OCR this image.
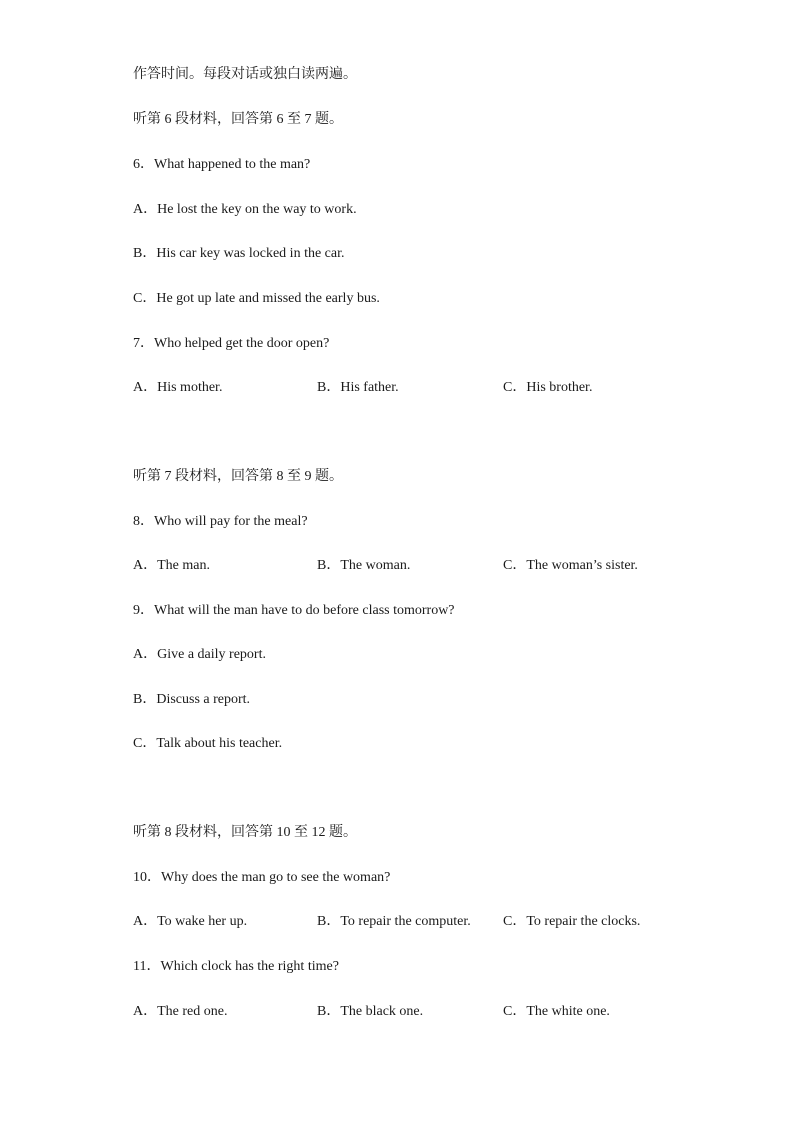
作答时间。每段对话或独白读两遍。
听第 6 段材料，回答第 6 至 7 题。
6．What happened to the man?
A．He lost the key on the way to work.
B．His car key was locked in the car.
C．He got up late and missed the early bus.
7．Who helped get the door open?
A．His mother.	B．His father.	C．His brother.
听第 7 段材料，回答第 8 至 9 题。
8．Who will pay for the meal?
A．The man.	B．The woman.	C．The woman’s sister.
9．What will the man have to do before class tomorrow?
A．Give a daily report.
B．Discuss a report.
C．Talk about his teacher.
听第 8 段材料，回答第 10 至 12 题。
10．Why does the man go to see the woman?
A．To wake her up.	B．To repair the computer. C．To repair the clocks.
11．Which clock has the right time?
A．The red one.	B．The black one.	C．The white one.
